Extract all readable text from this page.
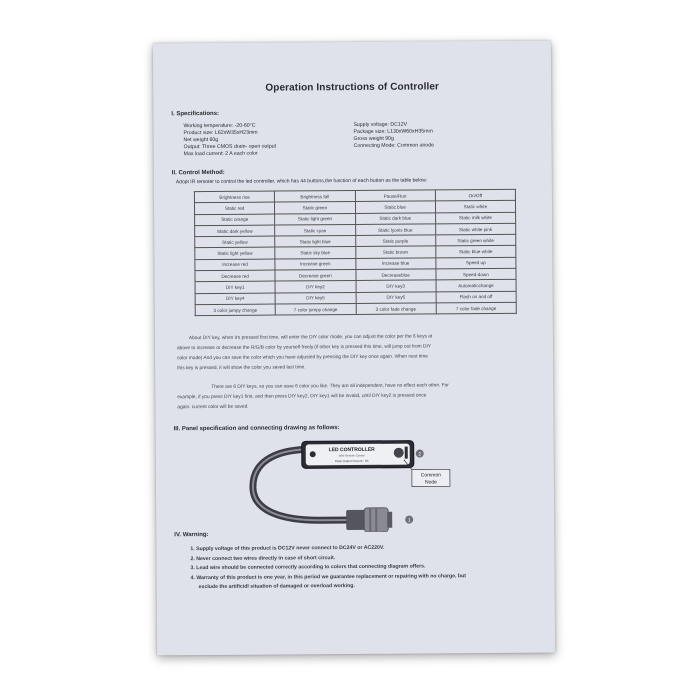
Operation Instructions of Controller
I. Specifications:
Working temperature: -20-60°C
Product size: L62xW35xH23mm
Net weight 60g
Output: Three CMOS drain- open output
Max load current: 2 A each color
Supply voltage: DC12V
Package size: L130xW60xH35mm
Gross weight 90g
Connecting Mode: Common anode
II. Control Method:
Adopt IR remoter to control the led controller, which has 44 buttons,the function of each button as the table below:
Brightness rise	Brightness fall	Pause/Run	On/Off
Static red	Static green	Static blue	Static white
Static orange	Static light green	Static dark blue	Static milk white
Static dark yellow	Static cyan	Static lyonis blue	Static white pink
Static yellow	Static light blue	Static purple	Static green white
Static light yellow	Static sky blue	Static brown	Static blue white
Increase red	Increase green	Increase blue	Speed up
Decrease red	Decrease green	Decreaseblue	Speed-down
DIY key1	DIY key2	DIY key3	Automaticchange
DIY key4	DIY key5	DIY key6	Flash on and off
3 color jumpy change	7 color jumpy change	3 color fade change	7 color fade change

About DIY key, when it's pressed first time, will enter the DIY color mode, you can adjust the color per the 6 keys at

above to increase or decrease the R/G/B color by yourself freely.(if other key is pressed this time, will jump out from DIY

color mode) And you can save the color which you have adjusted by pressing the DIY key once again. When next time

this key is pressed, it will show the color you saved last time.

There are 6 DIY keys, so you can save 6 color you like. They are all independent, have no effect each other. For

example, if you press DIY key1 first, and then press DIY key2, DIY key1 will be invalid, until DIY key2 is pressed once

again. current color will be saved.

III. Panel specification and connecting drawing as follows:
1
LED CONTROLLER
With Remote Control
Peak Output Current : 6A
2
Common
Node
IV. Warning:
1. Supply voltage of this product is DC12V never connect to DC24V or AC220V.
2. Never connect two wires directly in case of short circuit.
3. Lead wire should be connected correctly according to colors that connecting diagram offers.
4. Warranty of this product is one year, in this period we guarantee replacement or repairing with no charge, but
exclude the artificidl situation of damaged or overload working.
